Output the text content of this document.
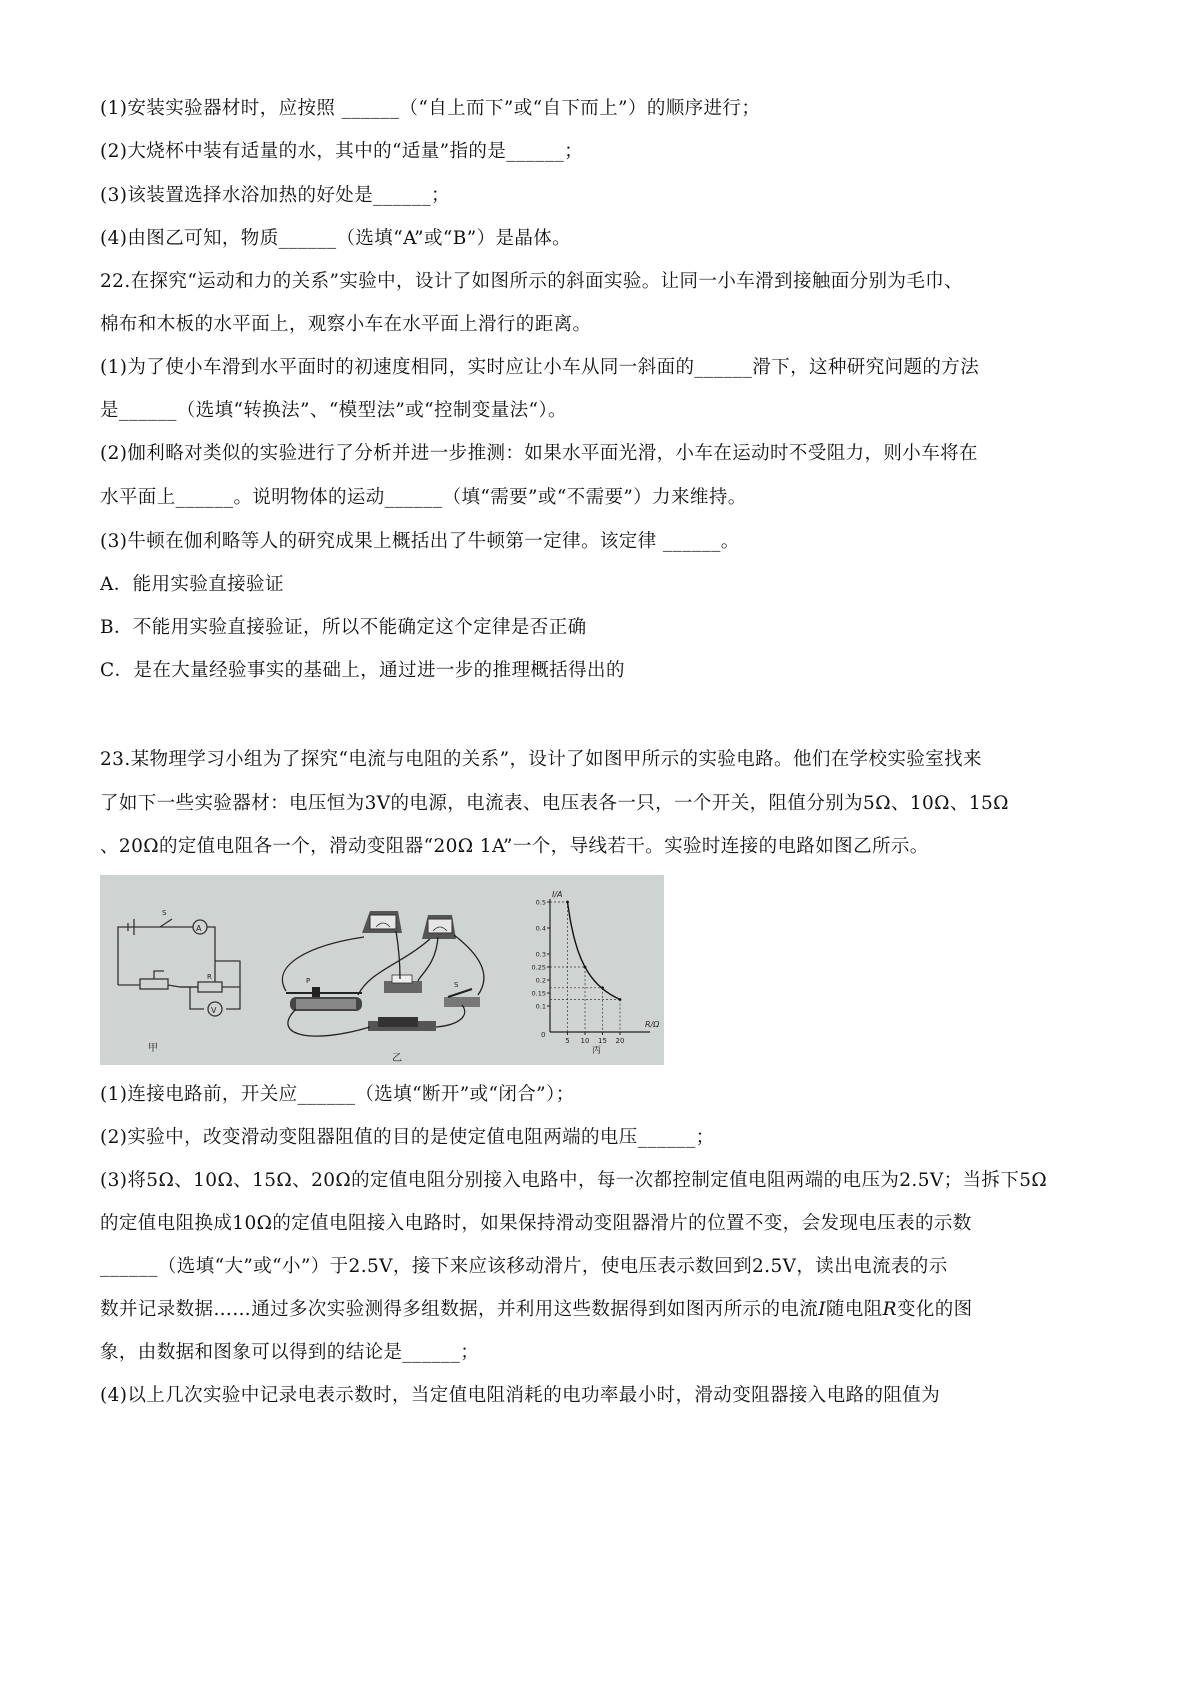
(1)安装实验器材时，应按照 ______（“自上而下”或“自下而上”）的顺序进行；
(2)大烧杯中装有适量的水，其中的“适量”指的是______；
(3)该装置选择水浴加热的好处是______；
(4)由图乙可知，物质______（选填“A”或“B”）是晶体。
22.在探究“运动和力的关系”实验中，设计了如图所示的斜面实验。让同一小车滑到接触面分别为毛巾、
棉布和木板的水平面上，观察小车在水平面上滑行的距离。
(1)为了使小车滑到水平面时的初速度相同，实时应让小车从同一斜面的______滑下，这种研究问题的方法
是______（选填“转换法”、“模型法”或“控制变量法“）。
(2)伽利略对类似的实验进行了分析并进一步推测：如果水平面光滑，小车在运动时不受阻力，则小车将在
水平面上______。说明物体的运动______（填“需要”或“不需要”）力来维持。
(3)牛顿在伽利略等人的研究成果上概括出了牛顿第一定律。该定律 ______。
A．能用实验直接验证
B．不能用实验直接验证，所以不能确定这个定律是否正确
C．是在大量经验事实的基础上，通过进一步的推理概括得出的
23.某物理学习小组为了探究“电流与电阻的关系”，设计了如图甲所示的实验电路。他们在学校实验室找来
了如下一些实验器材：电压恒为3V的电源，电流表、电压表各一只，一个开关，阻值分别为5Ω、10Ω、15Ω
、20Ω的定值电阻各一个，滑动变阻器“20Ω 1A”一个，导线若干。实验时连接的电路如图乙所示。
A
V
R
S
甲
P	S
乙
0.5
0.4
0.3
0.25
0.2
0.15
0.1
5 10 15 20
I/A
R/Ω
0
丙
(1)连接电路前，开关应______（选填“断开”或“闭合”）；
(2)实验中，改变滑动变阻器阻值的目的是使定值电阻两端的电压______；
(3)将5Ω、10Ω、15Ω、20Ω的定值电阻分别接入电路中，每一次都控制定值电阻两端的电压为2.5V；当拆下5Ω
的定值电阻换成10Ω的定值电阻接入电路时，如果保持滑动变阻器滑片的位置不变，会发现电压表的示数
______（选填“大”或“小”）于2.5V，接下来应该移动滑片，使电压表示数回到2.5V，读出电流表的示
数并记录数据……通过多次实验测得多组数据，并利用这些数据得到如图丙所示的电流I随电阻R变化的图
象，由数据和图象可以得到的结论是______；
(4)以上几次实验中记录电表示数时，当定值电阻消耗的电功率最小时，滑动变阻器接入电路的阻值为
